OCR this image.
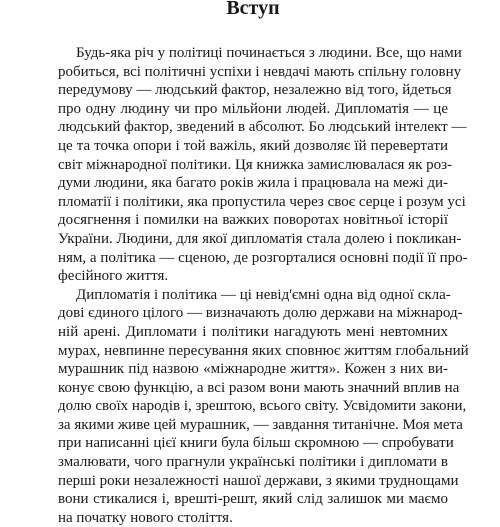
Вступ
Будь-яка річ у політиці починається з людини. Все, що нами
робиться, всі політичні успіхи і невдачі мають спільну головну
передумову — людський фактор, незалежно від того, йдеться
про одну людину чи про мільйони людей. Дипломатія — це
людський фактор, зведений в абсолют. Бо людський інтелект —
це та точка опори і той важіль, який дозволяє їй перевертати
світ міжнародної політики. Ця книжка замислювалася як роз-
думи людини, яка багато років жила і працювала на межі ди-
пломатії і політики, яка пропустила через своє серце і розум усі
досягнення і помилки на важких поворотах новітньої історії
України. Людини, для якої дипломатія стала долею і покликан-
ням, а політика — сценою, де розгорталися основні події її про-
фесійного життя.
Дипломатія і політика — ці невід'ємні одна від одної скла-
дові єдиного цілого — визначають долю держави на міжнарод-
ній арені. Дипломати і політики нагадують мені невтомних
мурах, невпинне пересування яких сповнює життям глобальний
мурашник під назвою «міжнародне життя». Кожен з них ви-
конує свою функцію, а всі разом вони мають значний вплив на
долю своїх народів і, зрештою, всього світу. Усвідомити закони,
за якими живе цей мурашник, — завдання титанічне. Моя мета
при написанні цієї книги була більш скромною — спробувати
змалювати, чого прагнули українські політики і дипломати в
перші роки незалежності нашої держави, з якими труднощами
вони стикалися і, врешті-решт, який слід залишок ми маємо
на початку нового століття.
